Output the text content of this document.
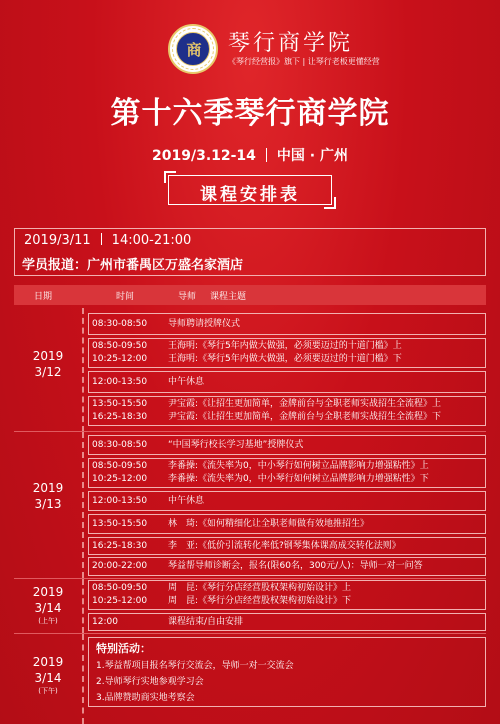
商	琴行商学院
《琴行经营报》旗下 | 让琴行老板更懂经营
第十六季琴行商学院
2019/3.12-14 中国 · 广州
课程安排表
2019/3/11 14:00-21:00
学员报道：广州市番禺区万盛名家酒店
日期	时间	导师 课程主题
2019
3/12
08:30-08:50 导师聘请授牌仪式
08:50-09:50 王海明:《琴行5年内做大做强，必须要迈过的十道门槛》上
10:25-12:00 王海明:《琴行5年内做大做强，必须要迈过的十道门槛》下
12:00-13:50 中午休息
13:50-15:50 尹宝霞:《让招生更加简单，金牌前台与全职老师实战招生全流程》上
16:25-18:30 尹宝霞:《让招生更加简单，金牌前台与全职老师实战招生全流程》下
2019
3/13
08:30-08:50 “中国琴行校长学习基地”授牌仪式
08:50-09:50 李番操:《流失率为0，中小琴行如何树立品牌影响力增强粘性》上
10:25-12:00 李番操:《流失率为0，中小琴行如何树立品牌影响力增强粘性》下
12:00-13:50 中午休息
13:50-15:50 林　琦:《如何精细化让全职老师做有效地推招生》
16:25-18:30 李　亚:《低价引流转化率低?钢琴集体课高成交转化法则》
20:00-22:00 琴益帮导师诊断会，报名(限60名，300元/人)：导师一对一问答
2019
3/14
(上午)
08:50-09:50 周　昆:《琴行分店经营股权架构初始设计》上
10:25-12:00 周　昆:《琴行分店经营股权架构初始设计》下
12:00	课程结束/自由安排
2019
3/14
(下午)
特别活动：
1.琴益帮项目报名琴行交流会，导师一对一交流会
2.导师琴行实地参观学习会
3.品牌赞助商实地考察会
